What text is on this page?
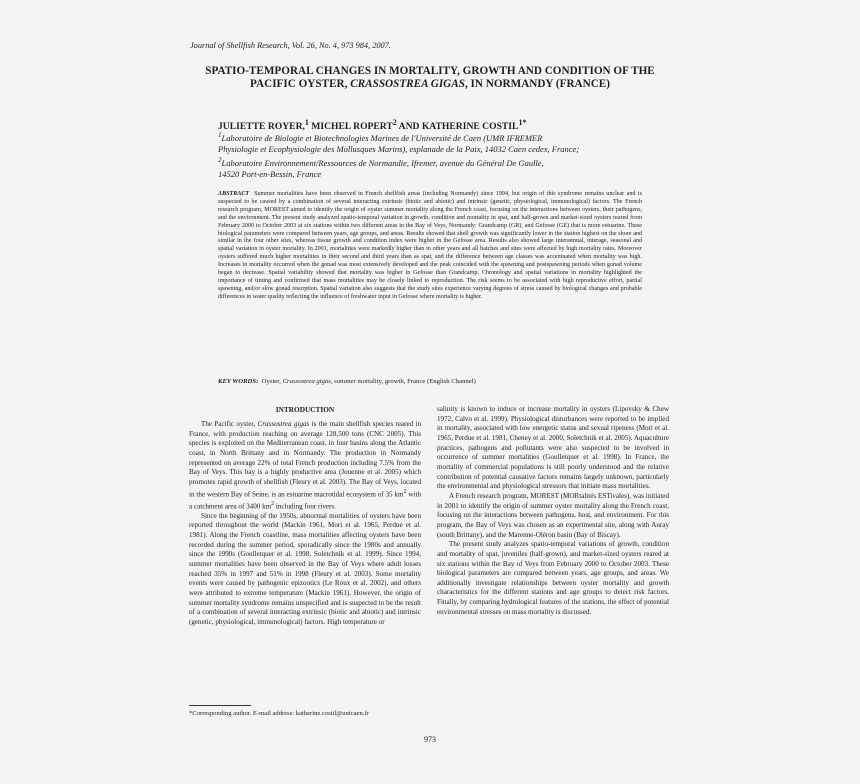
Journal of Shellfish Research, Vol. 26, No. 4, 973 984, 2007.
SPATIO-TEMPORAL CHANGES IN MORTALITY, GROWTH AND CONDITION OF THE
PACIFIC OYSTER, CRASSOSTREA GIGAS, IN NORMANDY (FRANCE)
JULIETTE ROYER,$^1$ MICHEL ROPERT$^2$ AND KATHERINE $COSTIL^{1*}$
$^1$Laboratoire de Biologie et Biotechnologies Marines de l'Université de Caen (UMR IFREMER
Physiologie et Ecophysiologie des Mollusques Marins), esplanade de la Paix, 14032 Caen cedex, France;
$^2$Laboratoire Environnement/Ressources de Normandie, Ifremer, avenue du Général De Gaulle,
14520 Port-en-Bessin, France
ABSTRACT Summer mortalities have been observed in French shellfish areas (including Normandy) since 1994, but origin of this syndrome remains unclear and is suspected to be caused by a combination of several interacting extrinsic (biotic and abiotic) and intrinsic (genetic, physiological, immunological) factors. The French research program, MOREST aimed to identify the origin of oyster summer mortality along the French coast, focusing on the interactions between oysters, their pathogens, and the environment. The present study analyzed spatio-temporal variation in growth, condition and mortality in spat, and half-grown and market-sized oysters reared from February 2000 to October 2003 at six stations within two different areas in the Bay of Veys, Normandy: Grandcamp (GR), and Gefosse (GE) that is more estuarine. These biological parameters were compared between years, age groups, and areas. Results showed that shell growth was significantly lower in the station highest on the shore and similar in the four other sites, whereas tissue growth and condition index were higher in the Gefosse area. Results also showed large interannual, interage, seasonal and spatial variation in oyster mortality. In 2001, mortalities were markedly higher than in other years and all batches and sites were affected by high mortality rates. Moreover oysters suffered much higher mortalities in their second and third years than as spat, and the difference between age classes was accentuated when mortality was high. Increases in mortality occurred when the gonad was most extensively developed and the peak coincided with the spawning and postspawning periods when gonad volume began to decrease. Spatial variability showed that mortality was higher in Gefosse than Grandcamp. Chronology and spatial variations in mortality highlighted the importance of timing and confirmed that mass mortalities may be closely linked to reproduction. The risk seems to be associated with high reproductive effort, partial spawning, and/or slow gonad resorption. Spatial variation also suggests that the study sites experience varying degrees of stress caused by biological changes and probable differences in water quality reflecting the influence of freshwater input in Gefosse where mortality is higher.
KEY WORDS: Oyster, Crassostrea gigas, summer mortality, growth, France (English Channel)

INTRODUCTION

The Pacific oyster, Crassostrea gigas is the main shellfish species reared in France, with production reaching on average 128,500 tons (CNC 2005). This species is exploited on the Mediterranean coast, in four basins along the Atlantic coast, in North Brittany and in Normandy. The production in Normandy represented on average 22% of total French production including 7.5% from the Bay of Veys. This bay is a highly productive area (Jouenne et al. 2005) which promotes rapid growth of shellfish (Fleury et al. 2003). The Bay of Veys, located in the western Bay of Seine, is an estuarine macrotidal ecosystem of 35 $km^2$ with a catchment area of 3400 $km^2$ including four rivers.

Since the beginning of the 1950s, abnormal mortalities of oysters have been reported throughout the world (Mackin 1961, Mori et al. 1965, Perdue et al. 1981). Along the French coastline, mass mortalities affecting oysters have been recorded during the summer period, sporadically since the 1980s and annually since the 1990s (Goulletquer et al. 1998, Soletchnik et al. 1999). Since 1994, summer mortalities have been observed in the Bay of Veys where adult losses reached 35% in 1997 and 51% in 1998 (Fleury et al. 2003). Some mortality events were caused by pathogenic epizootics (Le Roux et al. 2002), and others were attributed to extreme temperature (Mackin 1961). However, the origin of summer mortality syndrome remains unspecified and is suspected to be the result of a combination of several interacting extrinsic (biotic and abiotic) and intrinsic (genetic, physiological, immunological) factors. High temperature or

salinity is known to induce or increase mortality in oysters (Lipovsky & Chew 1972, Calvo et al. 1999). Physiological disturbances were reported to be implied in mortality, associated with low energetic status and sexual ripeness (Mori et al. 1965, Perdue et al. 1981, Cheney et al. 2000, Soletchnik et al. 2005). Aquaculture practices, pathogens and pollutants were also suspected to be involved in occurrence of summer mortalities (Goulletquer et al. 1998). In France, the mortality of commercial populations is still poorly understood and the relative contribution of potential causative factors remains largely unknown, particularly the environmental and physiological stressors that initiate mass mortalities.

A French research program, MOREST (MORtalités ESTivales), was initiated in 2001 to identify the origin of summer oyster mortality along the French coast, focusing on the interactions between pathogens, host, and environment. For this program, the Bay of Veys was chosen as an experimental site, along with Auray (south Brittany), and the Marenne-Oléron basin (Bay of Biscay).

The present study analyzes spatio-temporal variations of growth, condition and mortality of spat, juveniles (half-grown), and market-sized oysters reared at six stations within the Bay of Veys from February 2000 to October 2003. These biological parameters are compared between years, age groups, and areas. We additionally investigate relationships between oyster mortality and growth characteristics for the different stations and age groups to detect risk factors. Finally, by comparing hydrological features of the stations, the effect of potential environmental stresses on mass mortality is discussed.

*Corresponding author. E-mail address: katherine.costil@unicaen.fr
973
